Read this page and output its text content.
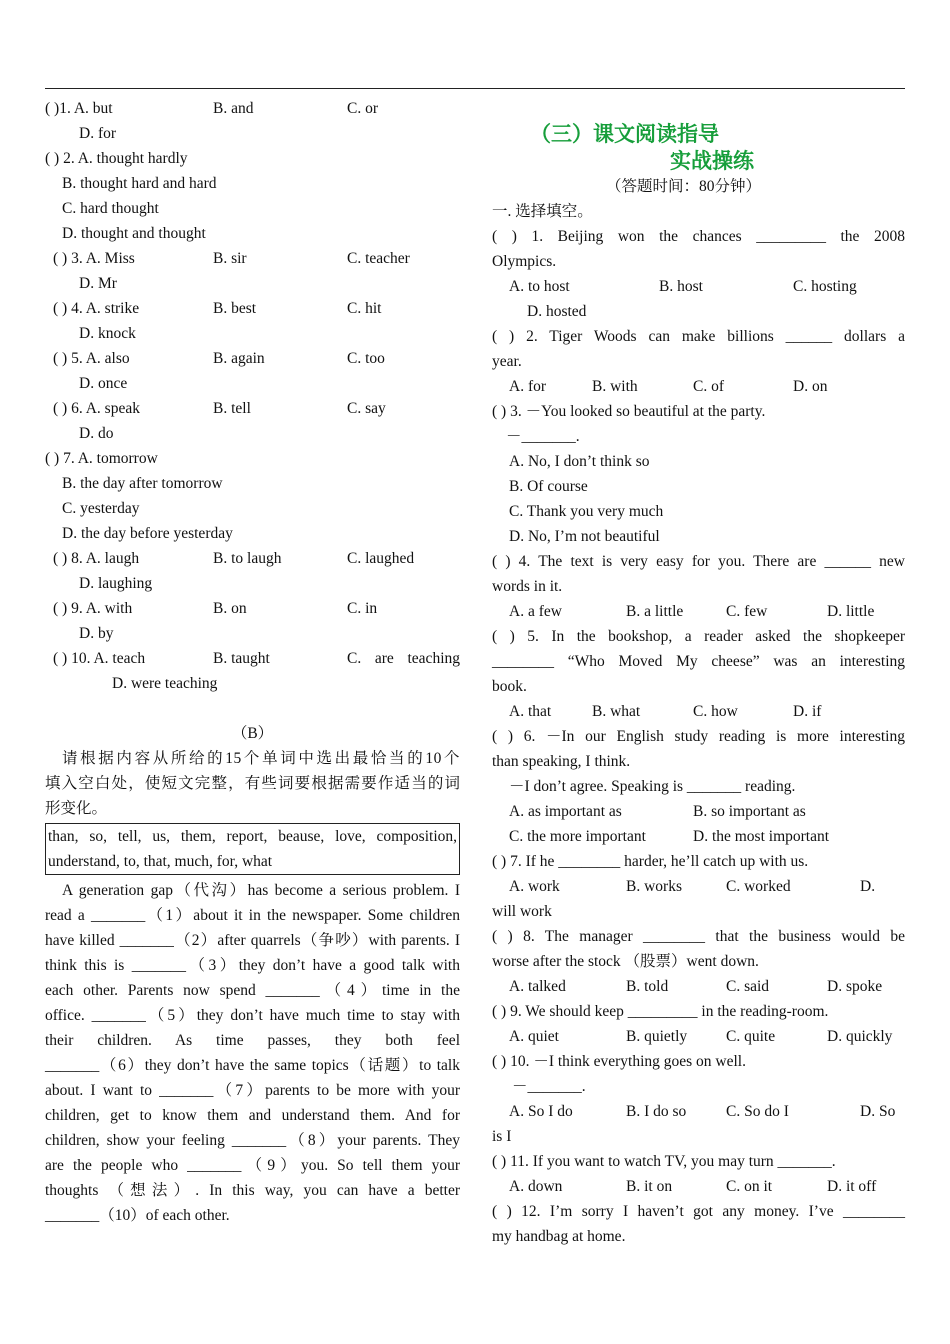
( )1. A. but	B. and	C. or
D. for
( ) 2. A. thought hardly
B. thought hard and hard
C. hard thought
D. thought and thought
( ) 3. A. Miss	B. sir	C. teacher
D. Mr
( ) 4. A. strike	B. best	C. hit
D. knock
( ) 5. A. also	B. again	C. too
D. once
( ) 6. A. speak	B. tell	C. say
D. do
( ) 7. A. tomorrow
B. the day after tomorrow
C. yesterday
D. the day before yesterday
( ) 8. A. laugh	B. to laugh	C. laughed
D. laughing
( ) 9. A. with	B. on	C. in
D. by
( ) 10. A. teach	B. taught	C. are teaching
D. were teaching
（B）
请根据内容从所给的15个单词中选出最恰当的10个
填入空白处，使短文完整，有些词要根据需要作适当的词
形变化。
than, so, tell, us, them, report, beause, love, composition,
understand, to, that, much, for, what
A generation gap（代沟）has become a serious problem. I
read a _______（1）about it in the newspaper. Some children
have killed _______（2）after quarrels（争吵）with parents. I
think this is _______（3）they don’t have a good talk with
each other. Parents now spend _______（4）time in the
office. _______（5）they don’t have much time to stay with
their children. As time passes, they both feel
_______（6）they don’t have the same topics（话题）to talk
about. I want to _______（7）parents to be more with your
children, get to know them and understand them. And for
children, show your feeling _______（8）your parents. They
are the people who _______（9）you. So tell them your
thoughts （想法）. In this way, you can have a better
_______（10）of each other.
（三）课文阅读指导
实战操练
（答题时间：80分钟）
一. 选择填空。
( ) 1. Beijing won the chances _________ the 2008
Olympics.
A. to host	B. host	C. hosting
D. hosted
( ) 2. Tiger Woods can make billions ______ dollars a
year.
A. for	B. with	C. of	D. on
( ) 3. －You looked so beautiful at the party.
－_______.
A. No, I don’t think so
B. Of course
C. Thank you very much
D. No, I’m not beautiful
( ) 4. The text is very easy for you. There are ______ new
words in it.
A. a few	B. a little	C. few	D. little
( ) 5. In the bookshop, a reader asked the shopkeeper
________ “Who Moved My cheese” was an interesting
book.
A. that	B. what	C. how	D. if
( ) 6. －In our English study reading is more interesting
than speaking, I think.
－I don’t agree. Speaking is _______ reading.
A. as important as	B. so important as
C. the more important	D. the most important
( ) 7. If he ________ harder, he’ll catch up with us.
A. work	B. works	C. worked	D.
will work
( ) 8. The manager ________ that the business would be
worse after the stock （股票）went down.
A. talked	B. told	C. said	D. spoke
( ) 9. We should keep _________ in the reading-room.
A. quiet	B. quietly	C. quite	D. quickly
( ) 10. －I think everything goes on well.
－_______.
A. So I do	B. I do so	C. So do I	D. So
is I
( ) 11. If you want to watch TV, you may turn _______.
A. down	B. it on	C. on it	D. it off
( ) 12. I’m sorry I haven’t got any money. I’ve ________
my handbag at home.
